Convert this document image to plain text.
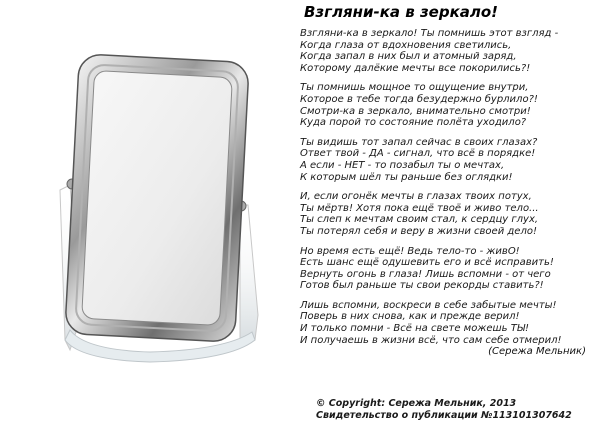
Взгляни-ка в зеркало!
Взгляни-ка в зеркало! Ты помнишь этот взгляд -
Когда глаза от вдохновения светились,
Когда запал в них был и атомный заряд,
Которому далёкие мечты все покорились?!
Ты помнишь мощное то ощущение внутри,
Которое в тебе тогда безудержно бурлило?!
Смотри-ка в зеркало, внимательно смотри!
Куда порой то состояние полёта уходило?
Ты видишь тот запал сейчас в своих глазах?
Ответ твой - ДА - сигнал, что всё в порядке!
А если - НЕТ - то позабыл ты о мечтах,
К которым шёл ты раньше без оглядки!
И, если огонёк мечты в глазах твоих потух,
Ты мёртв! Хотя пока ещё твоё и живо тело...
Ты слеп к мечтам своим стал, к сердцу глух,
Ты потерял себя и веру в жизни своей дело!
Но время есть ещё! Ведь тело-то - живО!
Есть шанс ещё одушевить его и всё исправить!
Вернуть огонь в глаза! Лишь вспомни - от чего
Готов был раньше ты свои рекорды ставить?!
Лишь вспомни, воскреси в себе забытые мечты!
Поверь в них снова, как и прежде верил!
И только помни - Всё на свете можешь ТЫ!
И получаешь в жизни всё, что сам себе отмерил!
(Сережа Мельник)
© Copyright: Сережа Мельник, 2013
Свидетельство о публикации №113101307642
